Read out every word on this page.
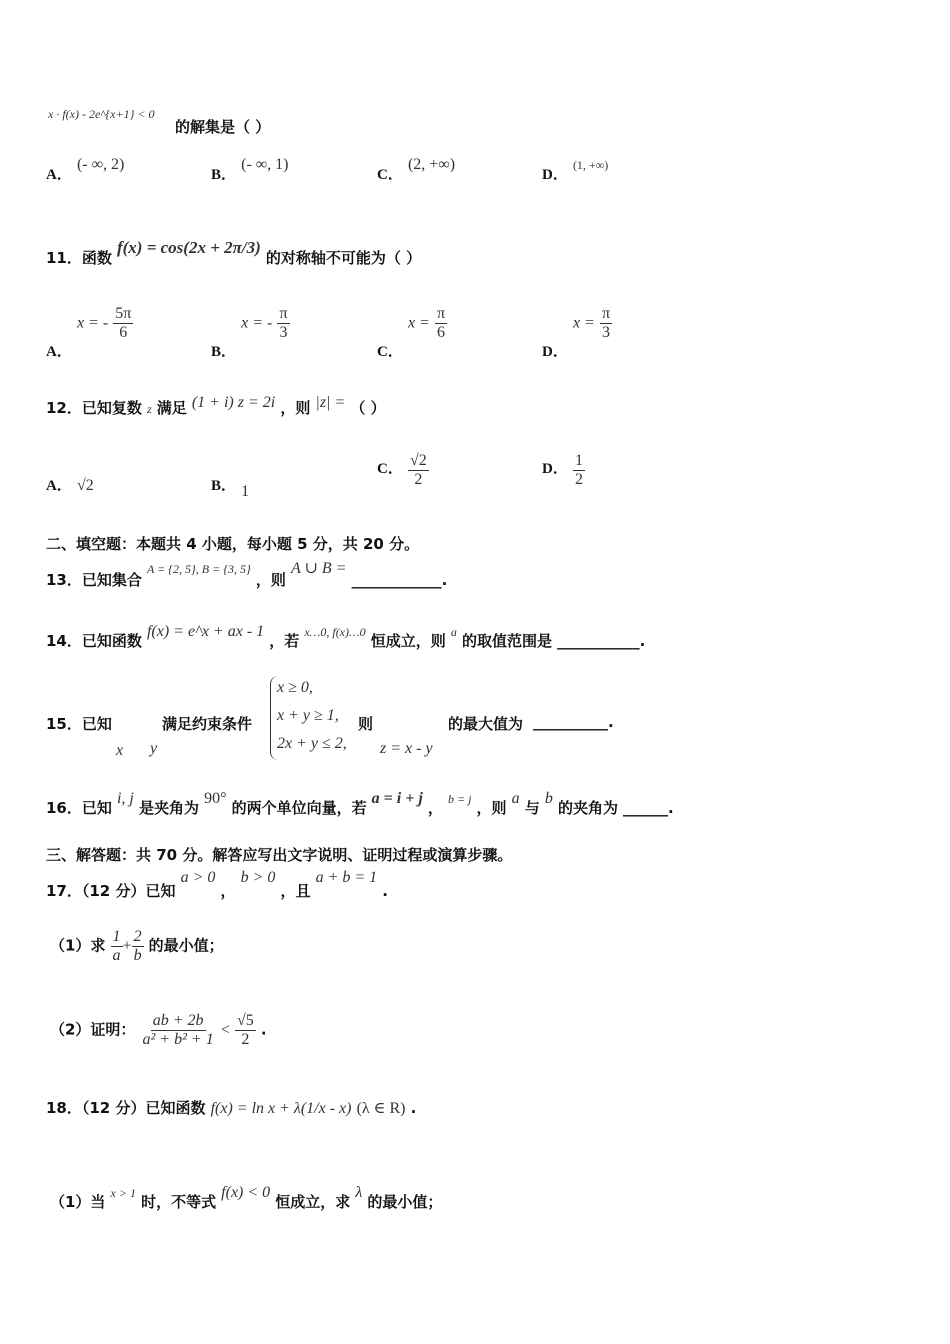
x · f(x) - 2e^{x+1} < 0
的解集是（ ）
A． (- ∞, 2)
B． (- ∞, 1)
C． (2, +∞)
D． $^{(1, +\infty)}$
11．函数 f(x) = cos(2x + 2π/3) 的对称轴不可能为（ ）
A． x = - $\frac{5\pi}{6}$
B． x = - $\frac{\pi}{3}$
C． $x = \frac{\pi}{6}$
D． $x = \frac{\pi}{3}$
12．已知复数 z 满足 (1 + i) z = 2i ，则 |z| = （ ）
A． √2	B． 1
C． $\frac{√2}{2}$	D． $\frac{1}{2}$
二、填空题：本题共 4 小题，每小题 5 分，共 20 分。
13．已知集合 A = {2, 5}, B = {3, 5} ，则 A ∪ B = ____________.
14．已知函数 f(x) = e^x + ax - 1 ，若 x…0, f(x)…0 恒成立，则 a 的取值范围是 ___________.
15．已知
x y
满足约束条件
x ≥ 0,
x + y ≥ 1,
2x + y ≤ 2,
则
z = x - y
的最大值为 __________.
16．已知 i, j 是夹角为 90° 的两个单位向量，若 a = i + j ， b = j ，则 a 与 b 的夹角为 ______.
三、解答题：共 70 分。解答应写出文字说明、证明过程或演算步骤。
17．（12 分）已知 a > 0 ， b > 0 ，且 a + b = 1 .
（1）求 $\frac{1}{a} + \frac{2}{b}$ 的最小值；
（2）证明： $\frac{ab + 2b}{\text{a² + b² + 1}} < \frac{√5}{2}$ .
18．（12 分）已知函数 f(x) = ln x + λ(1/x - x) (λ ∈ R) .
（1）当 x > 1 时，不等式 f(x) < 0 恒成立，求 λ 的最小值；
